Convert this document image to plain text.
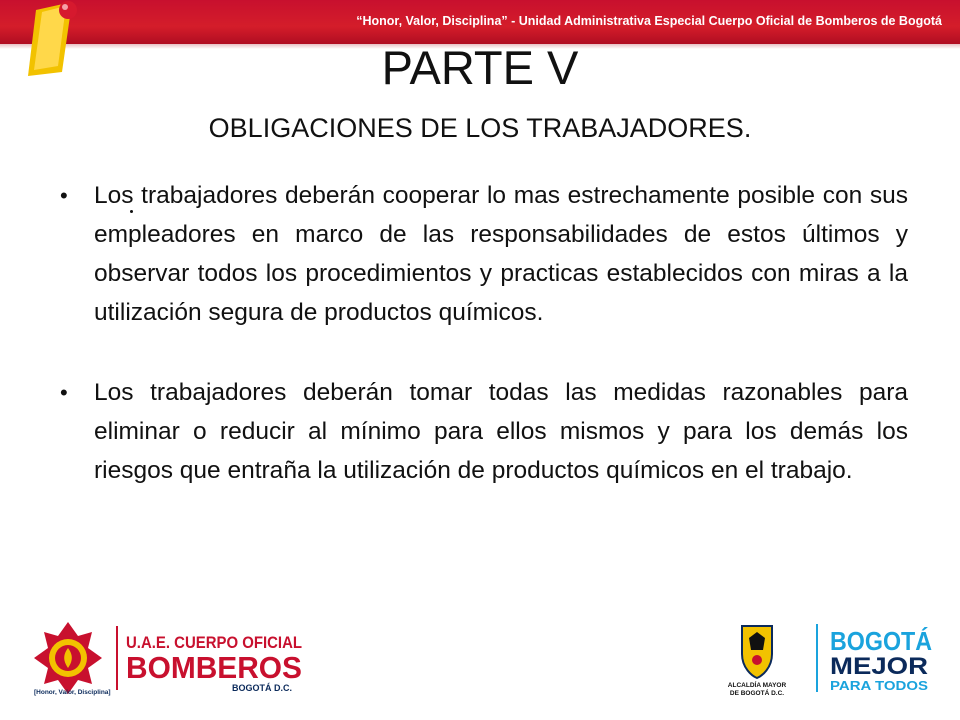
“Honor, Valor, Disciplina” - Unidad Administrativa Especial Cuerpo Oficial de Bomberos de Bogotá
PARTE V
OBLIGACIONES DE LOS TRABAJADORES.
• Los trabajadores deberán cooperar lo mas estrechamente posible con sus empleadores en marco de las responsabilidades de estos últimos y observar todos los procedimientos y practicas establecidos con miras a la utilización segura de productos químicos.
• Los trabajadores deberán tomar todas las medidas razonables para eliminar o reducir al mínimo para ellos mismos y para los demás los riesgos que entraña la utilización de productos químicos en el trabajo.
[Honor, Valor, Disciplina]
U.A.E. CUERPO OFICIAL
BOMBEROS
BOGOTÁ D.C.	ALCALDÍA MAYOR
DE BOGOTÁ D.C.
BOGOTÁ
MEJOR
PARA TODOS
